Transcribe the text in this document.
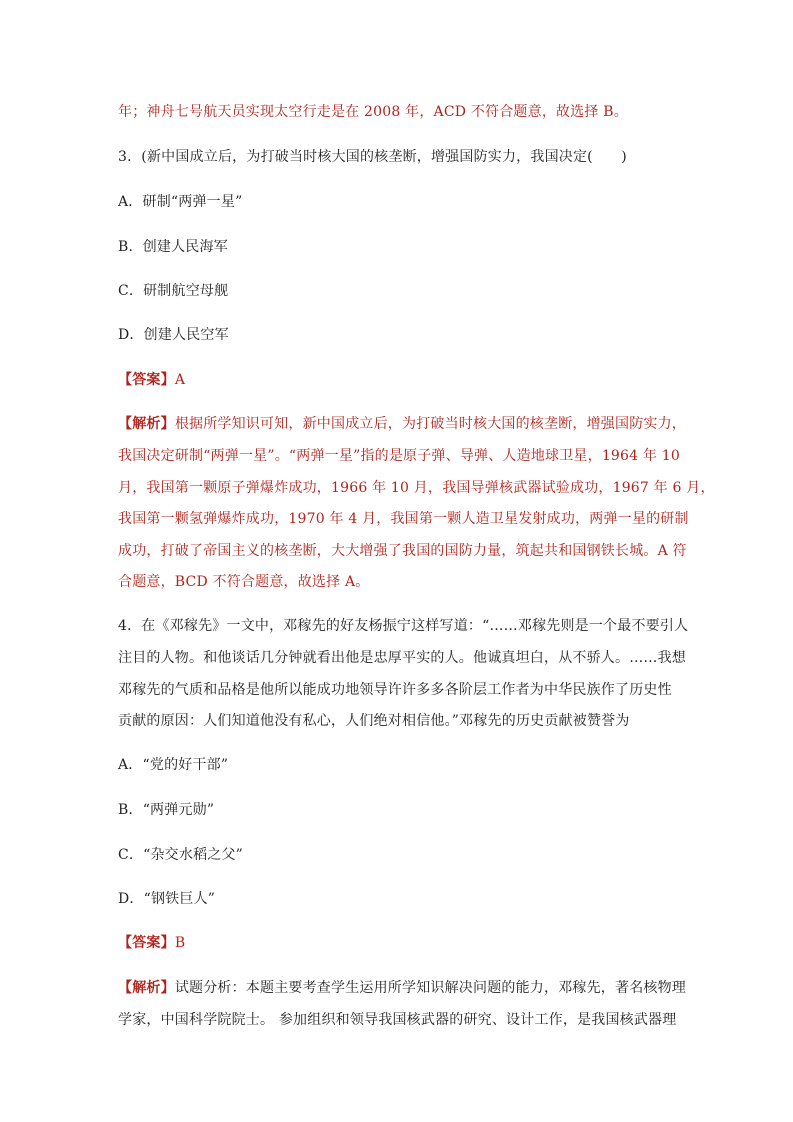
年；神舟七号航天员实现太空行走是在 2008 年，ACD 不符合题意，故选择 B。
3．(新中国成立后，为打破当时核大国的核垄断，增强国防实力，我国决定(　　)
A．研制“两弹一星”
B．创建人民海军
C．研制航空母舰
D．创建人民空军
【答案】A
【解析】根据所学知识可知，新中国成立后，为打破当时核大国的核垄断，增强国防实力，
我国决定研制“两弹一星”。“两弹一星”指的是原子弹、导弹、人造地球卫星，1964 年 10
月，我国第一颗原子弹爆炸成功，1966 年 10 月，我国导弹核武器试验成功，1967 年 6 月，
我国第一颗氢弹爆炸成功，1970 年 4 月，我国第一颗人造卫星发射成功，两弹一星的研制
成功，打破了帝国主义的核垄断，大大增强了我国的国防力量，筑起共和国钢铁长城。A 符
合题意，BCD 不符合题意，故选择 A。
4．在《邓稼先》一文中，邓稼先的好友杨振宁这样写道：“……邓稼先则是一个最不要引人
注目的人物。和他谈话几分钟就看出他是忠厚平实的人。他诚真坦白，从不骄人。……我想
邓稼先的气质和品格是他所以能成功地领导许许多多各阶层工作者为中华民族作了历史性
贡献的原因：人们知道他没有私心，人们绝对相信他。”邓稼先的历史贡献被赞誉为
A．“党的好干部”
B．“两弹元勋”
C．“杂交水稻之父”
D．“钢铁巨人”
【答案】B
【解析】试题分析：本题主要考查学生运用所学知识解决问题的能力，邓稼先，著名核物理
学家，中国科学院院士。 参加组织和领导我国核武器的研究、设计工作，是我国核武器理
